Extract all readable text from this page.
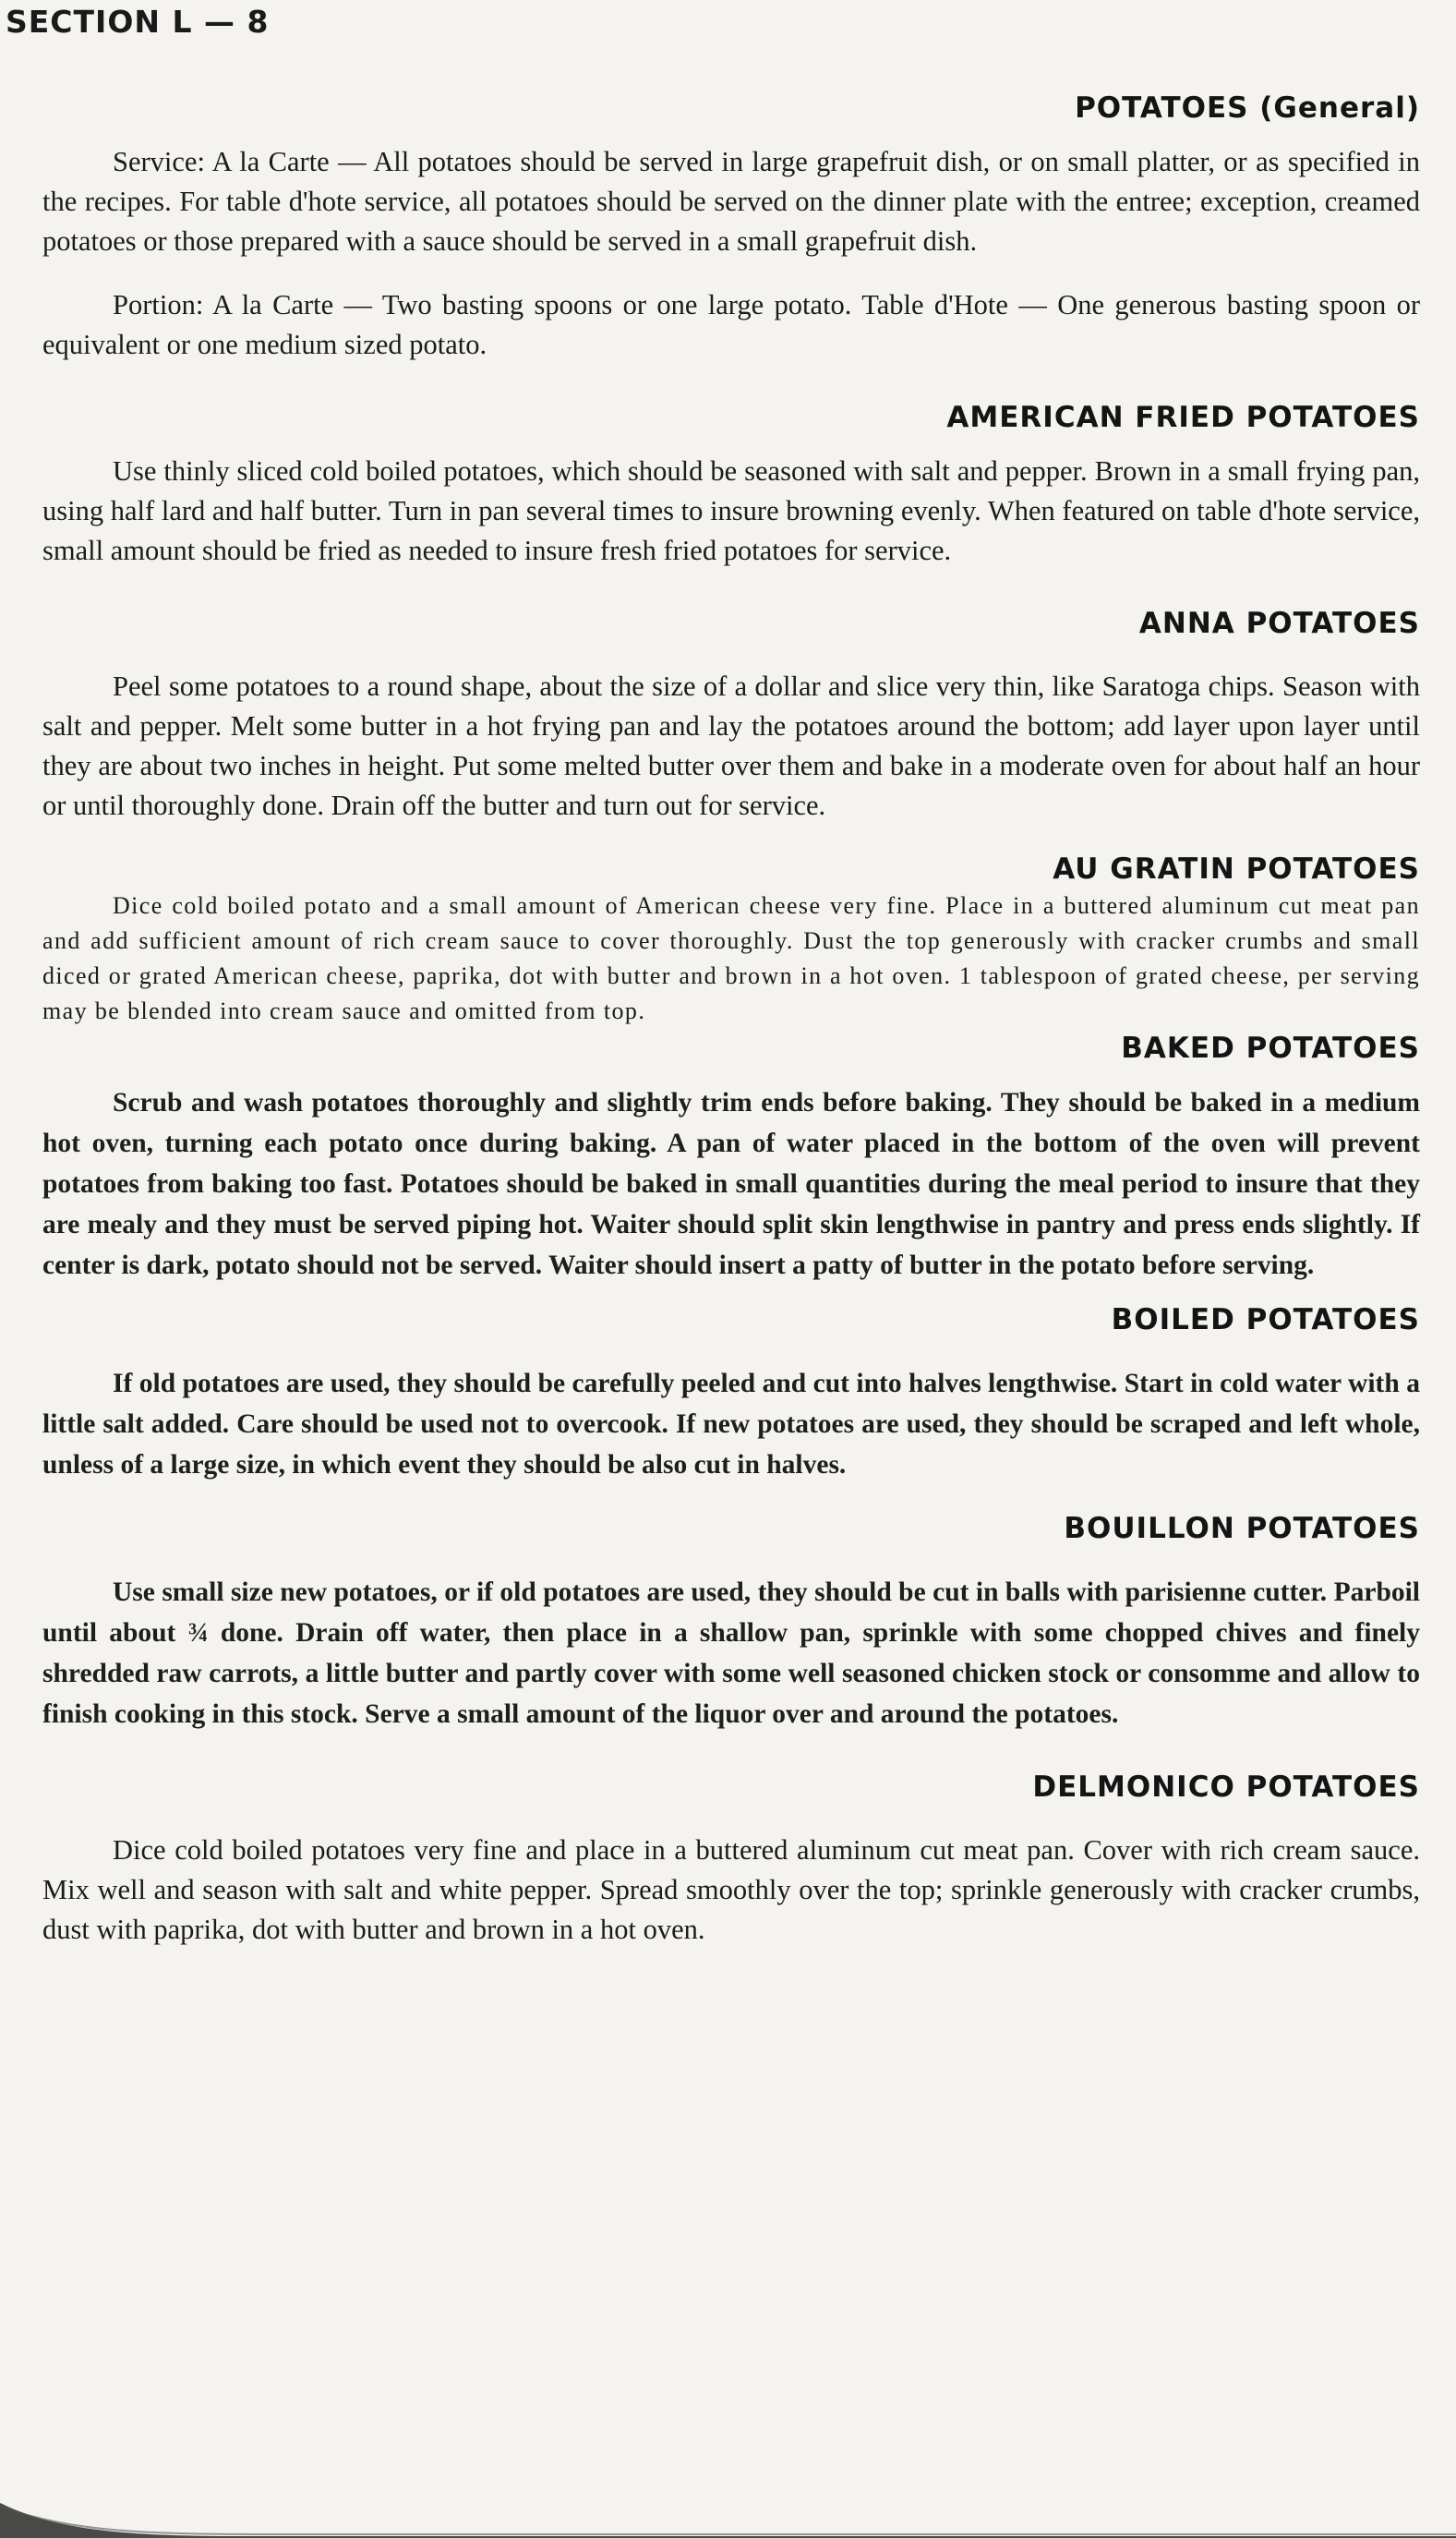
SECTION L — 8
POTATOES (General)

Service: A la Carte — All potatoes should be served in large grapefruit dish, or on small platter, or as specified in the recipes. For table d'hote service, all potatoes should be served on the dinner plate with the entree; exception, creamed potatoes or those prepared with a sauce should be served in a small grapefruit dish.

Portion: A la Carte — Two basting spoons or one large potato. Table d'Hote — One generous basting spoon or equivalent or one medium sized potato.

AMERICAN FRIED POTATOES

Use thinly sliced cold boiled potatoes, which should be seasoned with salt and pepper. Brown in a small frying pan, using half lard and half butter. Turn in pan several times to insure browning evenly. When featured on table d'hote service, small amount should be fried as needed to insure fresh fried potatoes for service.

ANNA POTATOES

Peel some potatoes to a round shape, about the size of a dollar and slice very thin, like Saratoga chips. Season with salt and pepper. Melt some butter in a hot frying pan and lay the potatoes around the bottom; add layer upon layer until they are about two inches in height. Put some melted butter over them and bake in a moderate oven for about half an hour or until thoroughly done. Drain off the butter and turn out for service.

AU GRATIN POTATOES

Dice cold boiled potato and a small amount of American cheese very fine. Place in a buttered aluminum cut meat pan and add sufficient amount of rich cream sauce to cover thoroughly. Dust the top generously with cracker crumbs and small diced or grated American cheese, paprika, dot with butter and brown in a hot oven. 1 tablespoon of grated cheese, per serving may be blended into cream sauce and omitted from top.

BAKED POTATOES

Scrub and wash potatoes thoroughly and slightly trim ends before baking. They should be baked in a medium hot oven, turning each potato once during baking. A pan of water placed in the bottom of the oven will prevent potatoes from baking too fast. Potatoes should be baked in small quantities during the meal period to insure that they are mealy and they must be served piping hot. Waiter should split skin lengthwise in pantry and press ends slightly. If center is dark, potato should not be served. Waiter should insert a patty of butter in the potato before serving.

BOILED POTATOES

If old potatoes are used, they should be carefully peeled and cut into halves lengthwise. Start in cold water with a little salt added. Care should be used not to overcook. If new potatoes are used, they should be scraped and left whole, unless of a large size, in which event they should be also cut in halves.

BOUILLON POTATOES

Use small size new potatoes, or if old potatoes are used, they should be cut in balls with parisienne cutter. Parboil until about ¾ done. Drain off water, then place in a shallow pan, sprinkle with some chopped chives and finely shredded raw carrots, a little butter and partly cover with some well seasoned chicken stock or consomme and allow to finish cooking in this stock. Serve a small amount of the liquor over and around the potatoes.

DELMONICO POTATOES

Dice cold boiled potatoes very fine and place in a buttered aluminum cut meat pan. Cover with rich cream sauce. Mix well and season with salt and white pepper. Spread smoothly over the top; sprinkle generously with cracker crumbs, dust with paprika, dot with butter and brown in a hot oven.
